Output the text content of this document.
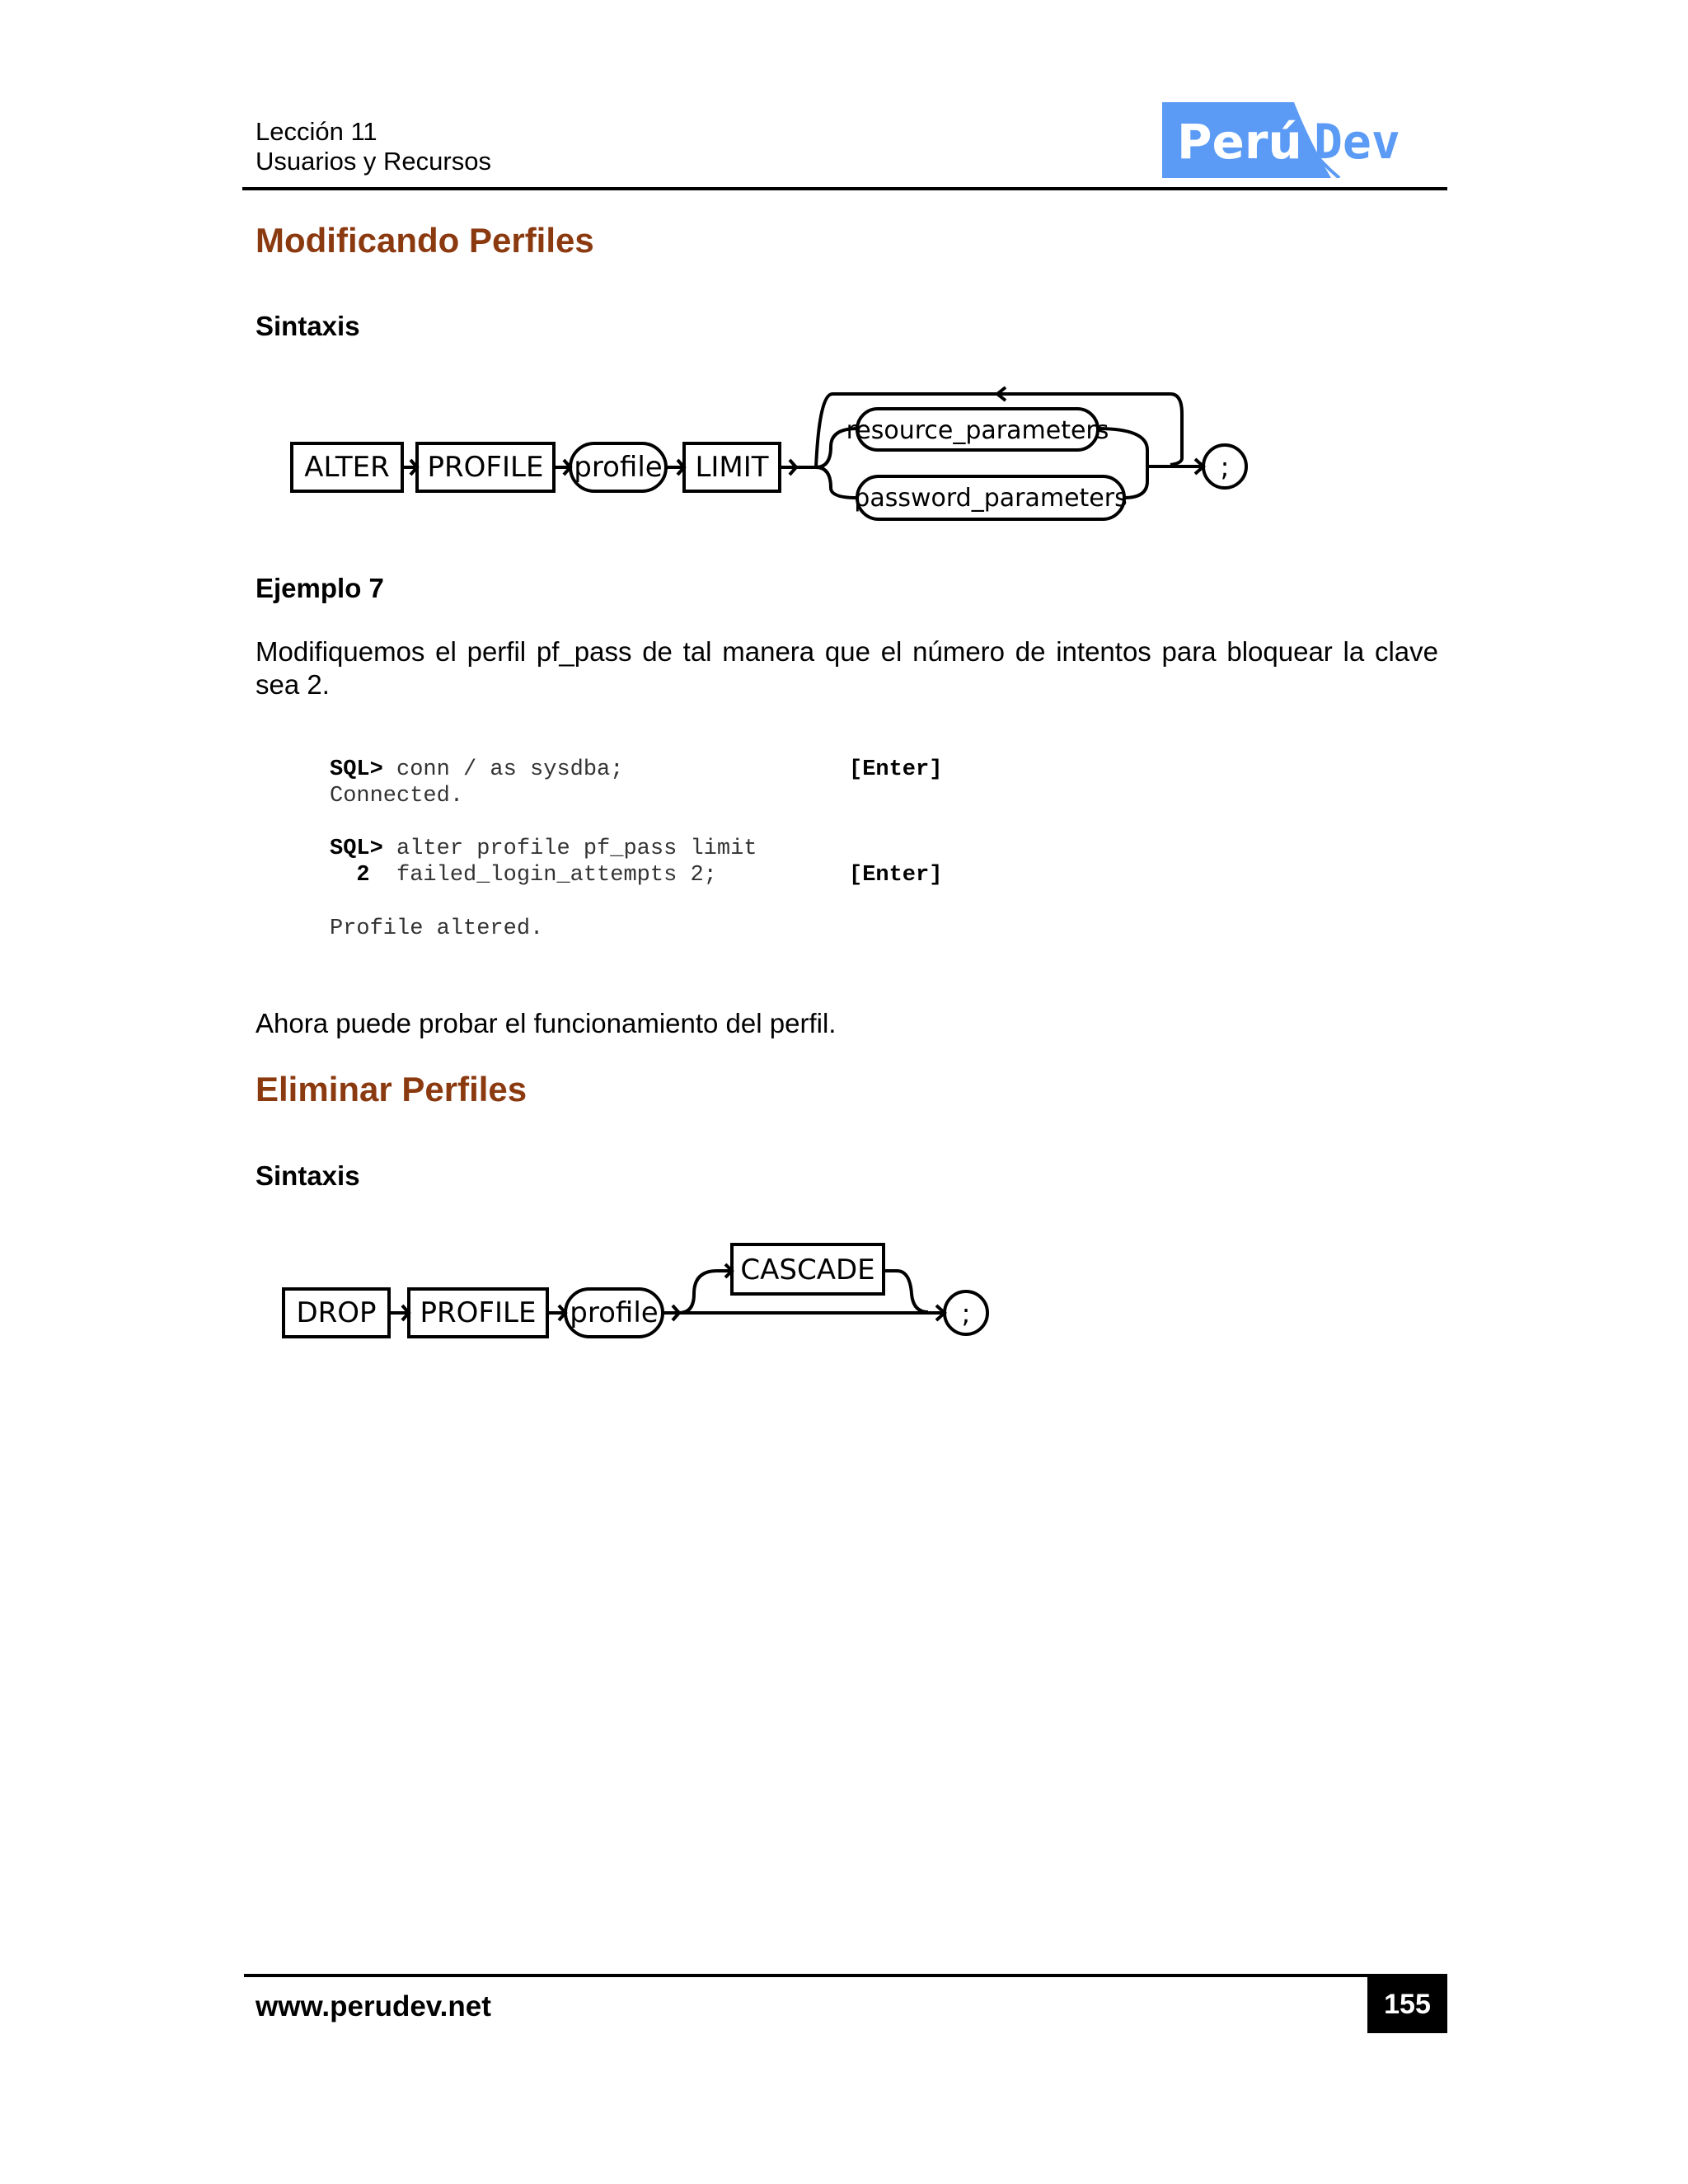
Lección 11
Usuarios y Recursos	Perú Dev
Modificando Perfiles
Sintaxis
ALTER PROFILE profile LIMIT
resource_parameters
password_parameters
;
Ejemplo 7
Modifiquemos el perfil pf_pass de tal manera que el número de intentos para bloquear la clave sea 2.
SQL> conn / as sysdba;	[Enter]
Connected.
SQL> alter profile pf_pass limit
2  failed_login_attempts 2;	[Enter]
Profile altered.
Ahora puede probar el funcionamiento del perfil.
Eliminar Perfiles
Sintaxis
DROP PROFILE profile
CASCADE
;
www.perudev.net	155
